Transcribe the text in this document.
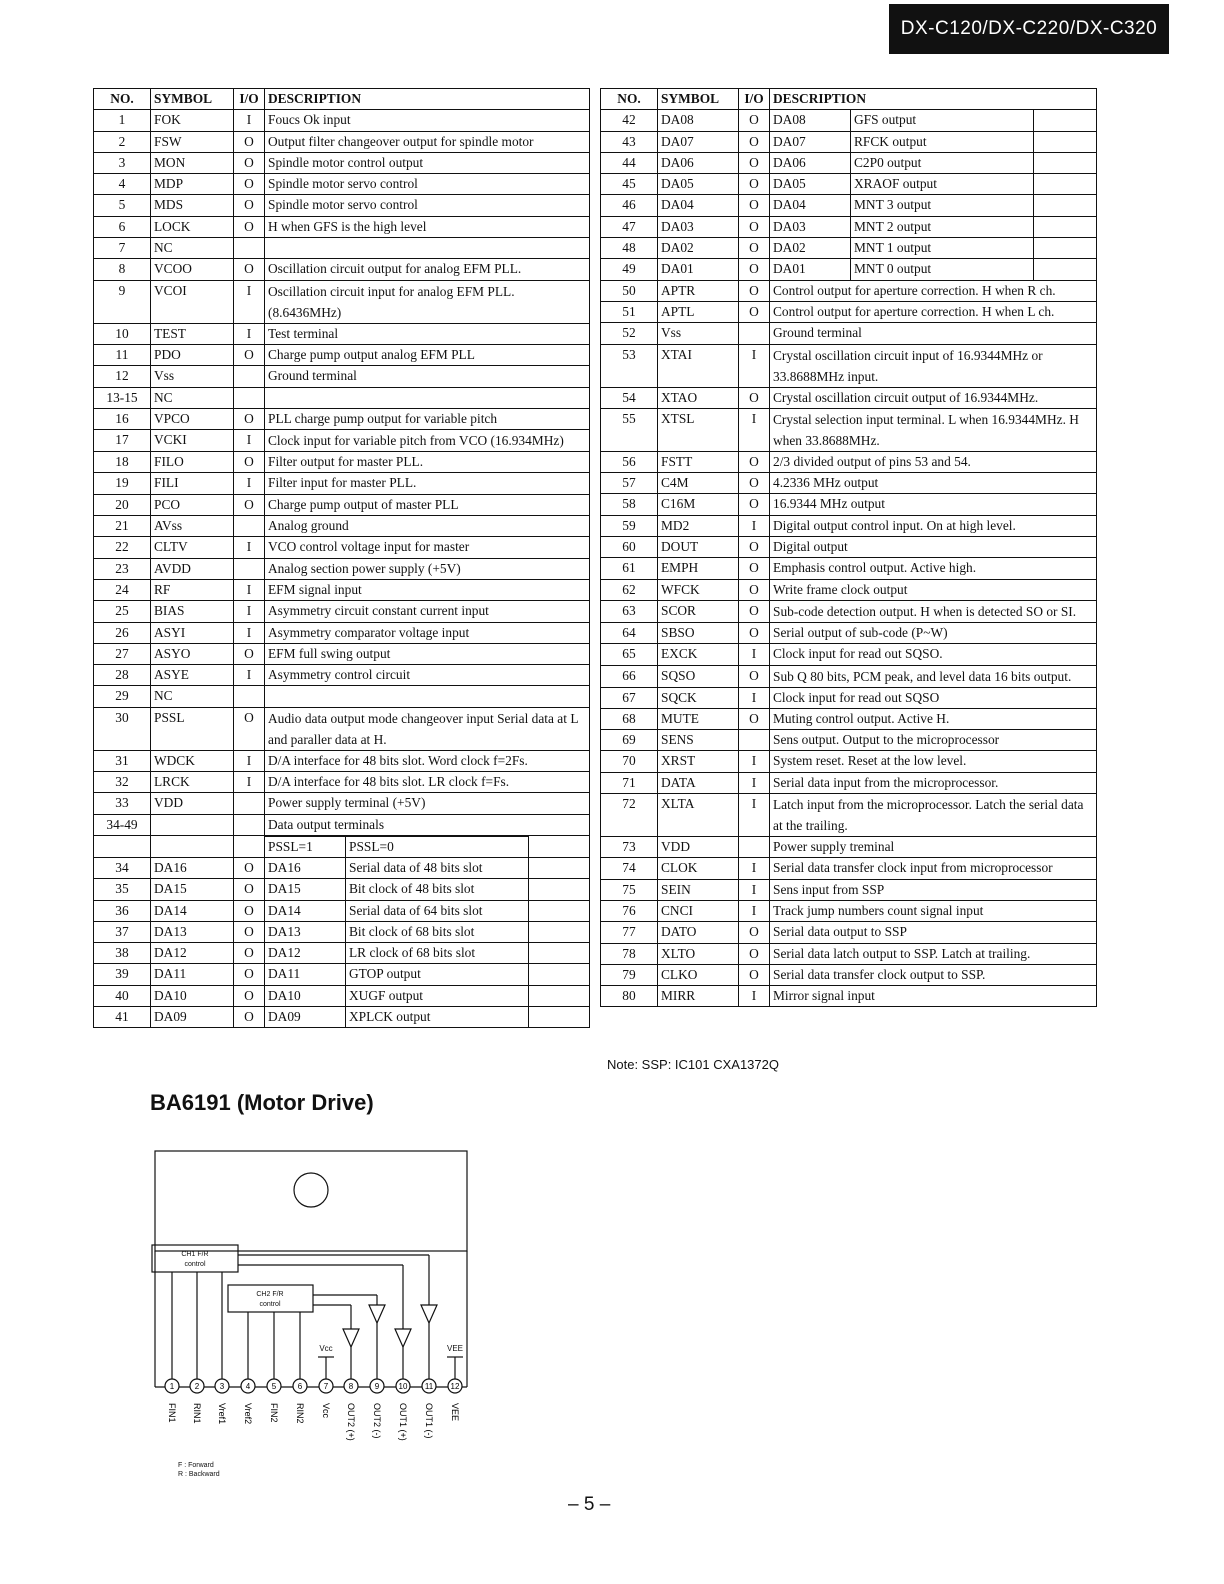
DX-C120/DX-C220/DX-C320
NO.	SYMBOL	I/O	DESCRIPTION
1	FOK	I	Foucs Ok input
2	FSW	O	Output filter changeover output for spindle motor
3	MON	O	Spindle motor control output
4	MDP	O	Spindle motor servo control
5	MDS	O	Spindle motor servo control
6	LOCK	O	H when GFS is the high level
7	NC		
8	VCOO	O	Oscillation circuit output for analog EFM PLL.
9	VCOI	I	Oscillation circuit input for analog EFM PLL. (8.6436MHz)
10	TEST	I	Test terminal
11	PDO	O	Charge pump output analog EFM PLL
12	Vss		Ground terminal
13-15	NC		
16	VPCO	O	PLL charge pump output for variable pitch
17	VCKI	I	Clock input for variable pitch from VCO (16.934MHz)
18	FILO	O	Filter output for master PLL.
19	FILI	I	Filter input for master PLL.
20	PCO	O	Charge pump output of master PLL
21	AVss		Analog ground
22	CLTV	I	VCO control voltage input for master
23	AVDD		Analog section power supply (+5V)
24	RF	I	EFM signal input
25	BIAS	I	Asymmetry circuit constant current input
26	ASYI	I	Asymmetry comparator voltage input
27	ASYO	O	EFM full swing output
28	ASYE	I	Asymmetry control circuit
29	NC		
30	PSSL	O	Audio data output mode changeover input Serial data at L and paraller data at H.
31	WDCK	I	D/A interface for 48 bits slot. Word clock f=2Fs.
32	LRCK	I	D/A interface for 48 bits slot. LR clock f=Fs.
33	VDD		Power supply terminal (+5V)
34-49			Data output terminals

PSSL=1	PSSL=0	

34	DA16	O	DA16	Serial data of 48 bits slot	

35	DA15	O	DA15	Bit clock of 48 bits slot	

36	DA14	O	DA14	Serial data of 64 bits slot	

37	DA13	O	DA13	Bit clock of 68 bits slot	

38	DA12	O	DA12	LR clock of 68 bits slot	

39	DA11	O	DA11	GTOP output	

40	DA10	O	DA10	XUGF output	

41	DA09	O	DA09	XPLCK output	
NO.	SYMBOL	I/O	DESCRIPTION
42	DA08	O	DA08	GFS output	

43	DA07	O	DA07	RFCK output	

44	DA06	O	DA06	C2P0 output	

45	DA05	O	DA05	XRAOF output	

46	DA04	O	DA04	MNT 3 output	

47	DA03	O	DA03	MNT 2 output	

48	DA02	O	DA02	MNT 1 output	

49	DA01	O	DA01	MNT 0 output	

50	APTR	O	Control output for aperture correction. H when R ch.
51	APTL	O	Control output for aperture correction. H when L ch.
52	Vss		Ground terminal
53	XTAI	I	Crystal oscillation circuit input of 16.9344MHz or 33.8688MHz input.
54	XTAO	O	Crystal oscillation circuit output of 16.9344MHz.
55	XTSL	I	Crystal selection input terminal. L when 16.9344MHz. H when 33.8688MHz.
56	FSTT	O	2/3 divided output of pins 53 and 54.
57	C4M	O	4.2336 MHz output
58	C16M	O	16.9344 MHz output
59	MD2	I	Digital output control input. On at high level.
60	DOUT	O	Digital output
61	EMPH	O	Emphasis control output. Active high.
62	WFCK	O	Write frame clock output
63	SCOR	O	Sub-code detection output. H when is detected SO or SI.
64	SBSO	O	Serial output of sub-code (P~W)
65	EXCK	I	Clock input for read out SQSO.
66	SQSO	O	Sub Q 80 bits, PCM peak, and level data 16 bits output.
67	SQCK	I	Clock input for read out SQSO
68	MUTE	O	Muting control output. Active H.
69	SENS		Sens output. Output to the microprocessor
70	XRST	I	System reset. Reset at the low level.
71	DATA	I	Serial data input from the microprocessor.
72	XLTA	I	Latch input from the microprocessor. Latch the serial data at the trailing.
73	VDD		Power supply treminal
74	CLOK	I	Serial data transfer clock input from microprocessor
75	SEIN	I	Sens input from SSP
76	CNCI	I	Track jump numbers count signal input
77	DATO	O	Serial data output to SSP
78	XLTO	O	Serial data latch output to SSP. Latch at trailing.
79	CLKO	O	Serial data transfer clock output to SSP.
80	MIRR	I	Mirror signal input
Note: SSP: IC101 CXA1372Q
BA6191 (Motor Drive)
CH1 F/R
control
CH2 F/R
control
Vcc	VEE
1
FIN1
2
RIN1
3
Vref1
4
Vref2
5
FIN2
6
RIN2
7
Vcc
8
OUT2 (+)
9
OUT2 (-)
10
OUT1 (+)
11
OUT1 (-)
12
VEE
F : Forward
R : Backward
– 5 –
